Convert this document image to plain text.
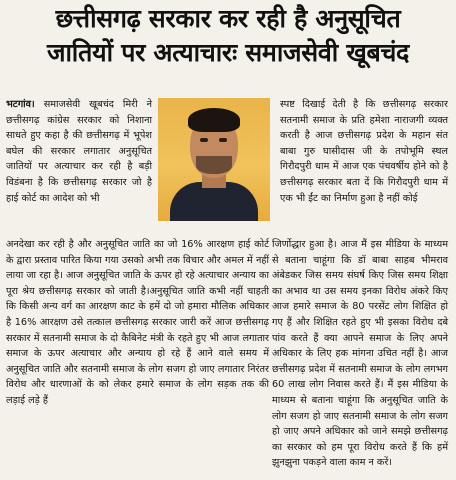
छत्तीसगढ़ सरकार कर रही है अनुसूचित
जातियों पर अत्याचारः समाजसेवी खूबचंद
भटगांव। समाजसेवी खूबचंद मिरी ने छत्तीसगढ़ कांग्रेस सरकार को निशाना साधते हुए कहा है की छत्तीसगढ़ में भूपेश बघेल की सरकार लगातार अनुसूचित जातियों पर अत्याचार कर रही है बड़ी विडंबना है कि छत्तीसगढ़ सरकार जो है हाई कोर्ट का आदेश को भी
अनदेखा कर रही है और अनुसूचित जाति का जो 16% आरक्षण हाई कोर्ट के द्वारा प्रस्ताव पारित किया गया उसको अभी तक विचार और अमल में नहीं लाया जा रहा है। आज अनुसूचित जाति के ऊपर हो रहे अत्याचार अन्याय का पूरा श्रेय छत्तीसगढ़ सरकार को जाती है।अनुसूचित जाति कभी नहीं चाहती कि किसी अन्य वर्ग का आरक्षण काट के हमें दो जो हमारा मौलिक अधिकार है 16% आरक्षण उसे तत्काल छत्तीसगढ़ सरकार जारी करें आज छत्तीसगढ़ सरकार में सतनामी समाज के दो कैबिनेट मंत्री के रहते हुए भी आज लगातार समाज के ऊपर अत्याचार और अन्याय हो रहे हैं आने वाले समय में अनुसूचित जाति और सतनामी समाज के लोग सजग हो जाए लगातार निरंतर विरोध और धारणाओं के को लेकर हमारे समाज के लोग सड़क तक की लड़ाई लड़े हैं
स्पष्ट दिखाई देती है कि छत्तीसगढ़ सरकार सतनामी समाज के प्रति हमेशा नाराजगी व्यक्त करती है आज छत्तीसगढ़ प्रदेश के महान संत बाबा गुरु घासीदास जी के तपोभूमि स्थल गिरौदपुरी धाम में आज एक पंचवर्षीय होने को है छत्तीसगढ़ सरकार बता दें कि गिरौदपुरी धाम में एक भी ईंट का निर्माण हुआ है नहीं कोई
जिर्णोद्धार हुआ है। आज मैं इस मीडिया के माध्यम से बताना चाहूंगा कि डॉ बाबा साहब भीमराव अंबेडकर जिस समय संघर्ष किए जिस समय शिक्षा का अभाव था उस समय इनका विरोध अंकरे किए आज हमारे समाज के 80 परसेंट लोग शिक्षित हो गए हैं और शिक्षित रहते हुए भी इसका विरोध दबे पांव करते हैं क्या आपने समाज के लिए अपने अधिकार के लिए हक मांगना उचित नहीं है। आज छत्तीसगढ़ प्रदेश में सतनामी समाज के लोग लगभग 60 लाख लोग निवास करते हैं। मैं इस मीडिया के माध्यम से बताना चाहूंगा कि अनुसूचित जाति के लोग सजग हो जाए सतनामी समाज के लोग सजग हो जाए अपने अधिकार को जाने समझे छत्तीसगढ़ का सरकार को हम पूरा विरोध करते हैं कि हमें झुनझुना पकड़ने वाला काम न करें।
